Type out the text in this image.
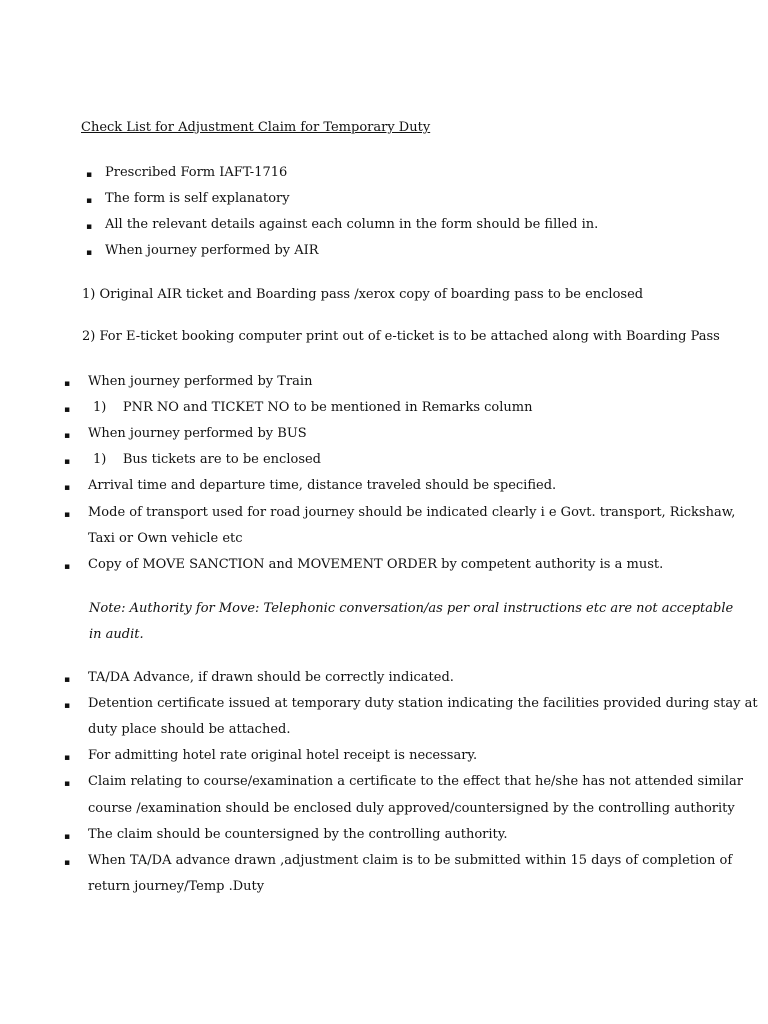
Check List for Adjustment Claim for Temporary Duty
▪ Prescribed Form IAFT-1716
▪ The form is self explanatory
▪ All the relevant details against each column in the form should be filled in.
▪ When journey performed by AIR
1) Original AIR ticket and Boarding pass /xerox copy of boarding pass to be enclosed
2) For E-ticket booking computer print out of e-ticket is to be attached along with Boarding Pass
▪ When journey performed by Train
▪ 1)    PNR NO and TICKET NO to be mentioned in Remarks column
▪ When journey performed by BUS
▪ 1)    Bus tickets are to be enclosed
▪ Arrival time and departure time, distance traveled should be specified.
▪ Mode of transport used for road journey should be indicated clearly i e Govt. transport, Rickshaw,
Taxi or Own vehicle etc
▪ Copy of MOVE SANCTION and MOVEMENT ORDER by competent authority is a must.
Note: Authority for Move: Telephonic conversation/as per oral instructions etc are not acceptable
in audit.
▪ TA/DA Advance, if drawn should be correctly indicated.
▪ Detention certificate issued at temporary duty station indicating the facilities provided during stay at
duty place should be attached.
▪ For admitting hotel rate original hotel receipt is necessary.
▪ Claim relating to course/examination a certificate to the effect that he/she has not attended similar
course /examination should be enclosed duly approved/countersigned by the controlling authority
▪ The claim should be countersigned by the controlling authority.
▪ When TA/DA advance drawn ,adjustment claim is to be submitted within 15 days of completion of
return journey/Temp .Duty
